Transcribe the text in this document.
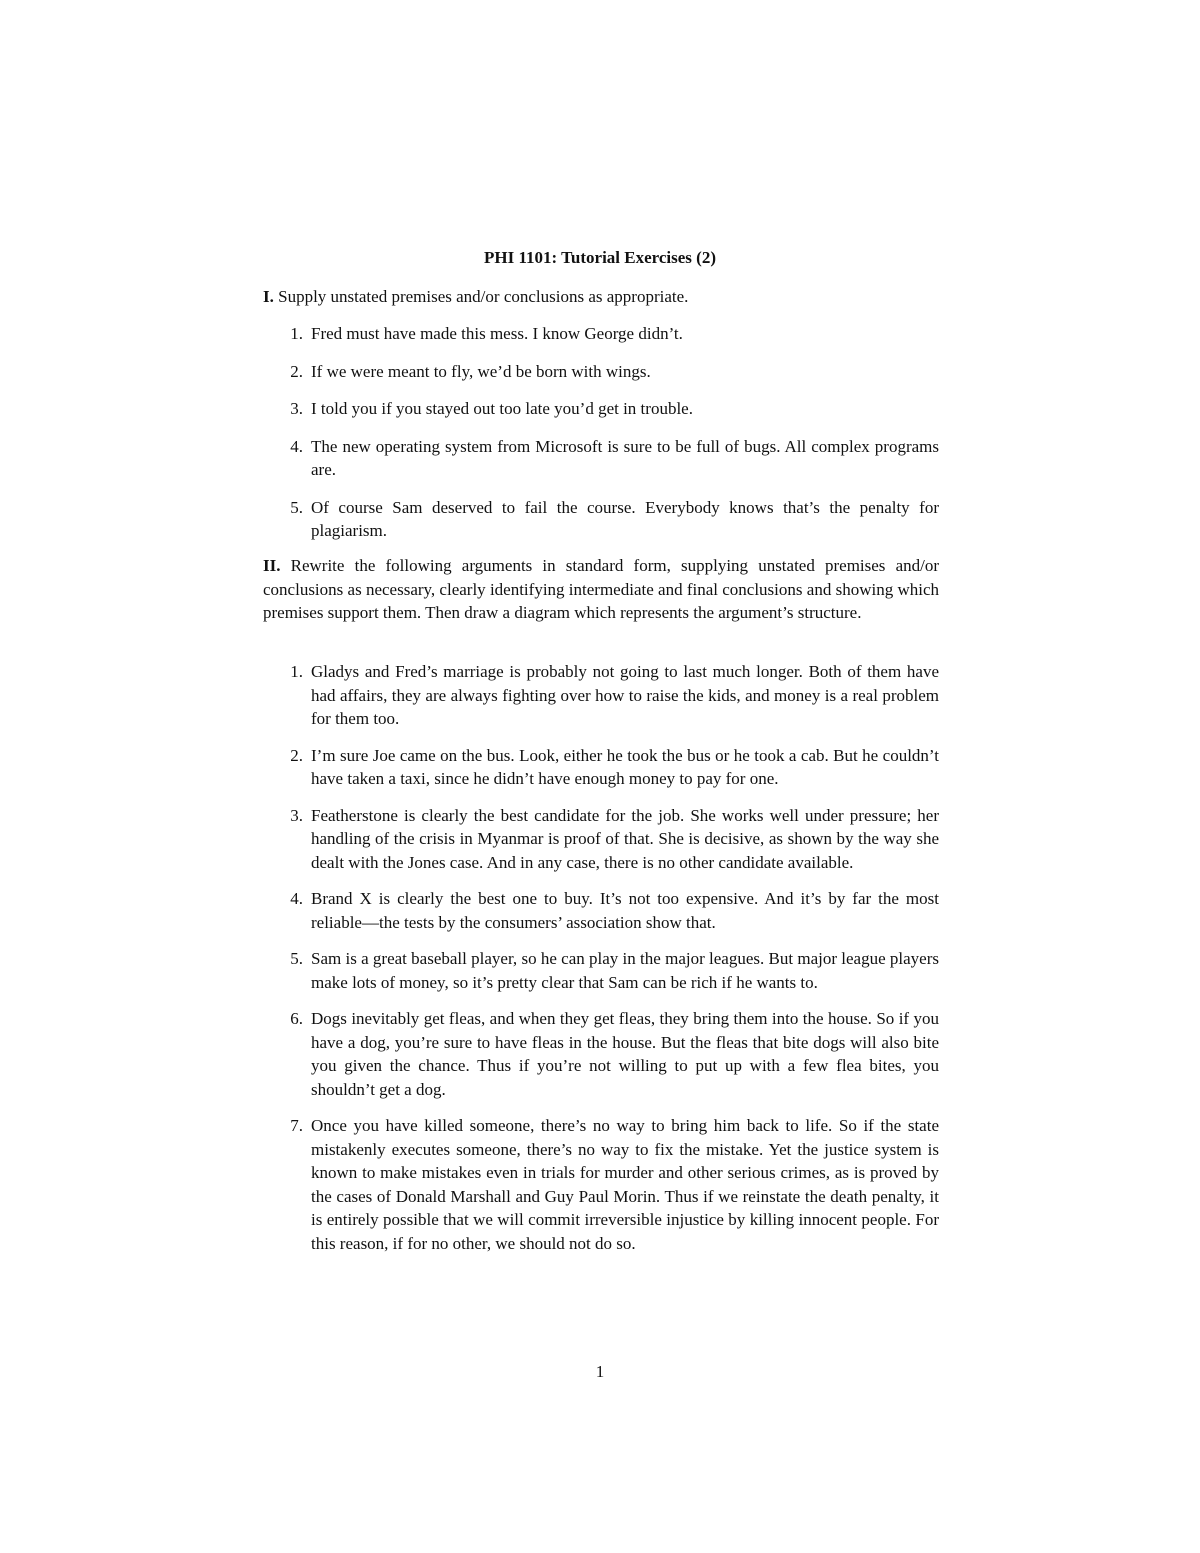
PHI 1101: Tutorial Exercises (2)
I. Supply unstated premises and/or conclusions as appropriate.
1 . Fred must have made this mess. I know George didn’t.
2 . If we were meant to fly, we’d be born with wings.
3 . I told you if you stayed out too late you’d get in trouble.
4 . The new operating system from Microsoft is sure to be full of bugs. All complex programs are.
5 . Of course Sam deserved to fail the course. Everybody knows that’s the penalty for plagiarism.
II. Rewrite the following arguments in standard form, supplying unstated premises and/or conclusions as necessary, clearly identifying intermediate and final conclusions and showing which premises support them. Then draw a diagram which represents the argument’s structure.
1 . Gladys and Fred’s marriage is probably not going to last much longer. Both of them have had affairs, they are always fighting over how to raise the kids, and money is a real problem for them too.
2 . I’m sure Joe came on the bus. Look, either he took the bus or he took a cab. But he couldn’t have taken a taxi, since he didn’t have enough money to pay for one.
3 . Featherstone is clearly the best candidate for the job. She works well under pressure; her handling of the crisis in Myanmar is proof of that. She is decisive, as shown by the way she dealt with the Jones case. And in any case, there is no other candidate available.
4 . Brand X is clearly the best one to buy. It’s not too expensive. And it’s by far the most reliable—the tests by the consumers’ association show that.
5 . Sam is a great baseball player, so he can play in the major leagues. But major league players make lots of money, so it’s pretty clear that Sam can be rich if he wants to.
6 . Dogs inevitably get fleas, and when they get fleas, they bring them into the house. So if you have a dog, you’re sure to have fleas in the house. But the fleas that bite dogs will also bite you given the chance. Thus if you’re not willing to put up with a few flea bites, you shouldn’t get a dog.
7 . Once you have killed someone, there’s no way to bring him back to life. So if the state mistakenly executes someone, there’s no way to fix the mistake. Yet the justice system is known to make mistakes even in trials for murder and other serious crimes, as is proved by the cases of Donald Marshall and Guy Paul Morin. Thus if we reinstate the death penalty, it is entirely possible that we will commit irreversible injustice by killing innocent people. For this reason, if for no other, we should not do so.
1
